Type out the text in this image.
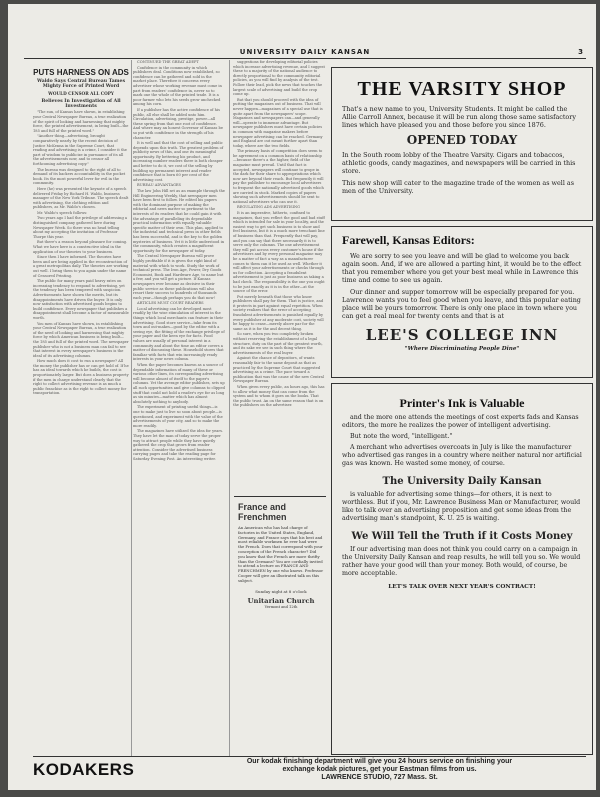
UNIVERSITY DAILY KANSAN	3
PUTS HARNESS ON ADS
Waldo Says Central Bureau Tames Mighty Force of Printed Word
WOULD CENSOR ALL COPY
Believes In Investigation of All Investments

"The sun, of Kansas have shown, in establishing your Central Newspaper Bureau, a true realization of the spirit of looking and harnessing that mighty force, the printed advertisement, in being built—the 185 and full of the printed word."

"Another thing—advertising, brought comparatively nearly by the recent decision of Justice McKenna in the Supreme Court, that reading and advertising is a crime, I consider it the part of wisdom to publicize in pursuance of its all the advertisements now, and to censor all forthcoming advertising copy."

The bureau was designed to the right of all to demand of its backers accountability in the pocket book. Its the most powerful lever for evil in the community.

Here (he) was presented the keynote of a speech delivered Friday by Richard H. Waldo, business manager of the New York Tribune. The speech dealt with advertising, the clothing edition and publishers, as Mr. Waldo's chosen.

Mr. Waldo's speech follows:

Two years ago I had the privilege of addressing a distinguished company gathered here during Newspaper Week. So there was no head telling about my accepting the invitation of Professor Thorpe this year.

But there's a reason beyond pleasure for coming. What we have here is a constructive ideal in the application of our theories to your business.

Since then I have informed. The theories have been and are being applied in the reconstruction of a great metropolitan daily. The theories are working out well. I bring them to you again under the name of Censored Printing.

The public for many years paid heavy rates on increasing tendency to respond to advertising, yet the tendency has been tempered with suspicion. Advertisements have shown the merits, but its disappointments have driven the buyer. It is only now satisfaction with advertised goods begins to build confidence. Every newspaper that publishes a disappointment shall become a factor of measurable worth.

You men of Kansas have shown, in establishing your Central Newspaper Bureau, a true realization of the need of looking and harnessing that mighty force by which American business is being built—the 185 and full of the printed word. The newspaper publisher who is not a business man can fail to see that interest in every newspaper's business is the ideal of its advertising columns.

How much does it cost to run a newspaper? All the money the publisher has or can get hold of. If he has an ideal towards which he builds, the cost is proportionately larger. But does a business property if the men in charge understand clearly that the right to collect advertising revenue is as much a public franchise as is the right to collect money for transportation.

CONTINUED THE GREAT ADEPT

Confidence in the community in which publishers deal. Conditions now established, so confidence can be gathered and sold in the market place. Therefore it concerns every advertiser whose working revenue must come in part from readers' confidence in, never so to mark one the whole of the printed trade. It is a poor farmer who lets his seeds grow unchecked among his corn.

If a publisher has the active confidence of his public, all else shall be added unto him. Circulation, advertising, prestige, power—all these spring from that one root of confidence. And where may an honest Governor of Kansas be so put with confidence in the strength of his character.

It is well and that the cost of selling and public depends upon this truth. The greatest problem of publicity news of this, and one its meaningful opportunity. By bettering his product, and increasing number readers there is both cheaper and better to do it, we cost of the selling by building up permanent interest and reader confidence that is born 60 per cent of the advertising cost.

BUREAU ADVANTAGES

The law John Hill set as an example through the Hill Engineering Weekly, that newspaper men have been first to follow. He edited his papers with the dominant purpose of making the editorial and news matter so pertinent to the interests of its readers that he could gain it with the advantage of paralleling its dependable practical information with equally valuable specific matter of their own. This plan, applied to the industrial and technical press in other fields has been successful, and is the key to the golden mysteries of business. Yet it is little understood in the community, which creates a magnificent opportunity for the newspaper of today.

The Central Newspaper Bureau will prove highly profitable if it is given the right kind of material with which to work. Study the work of technical press. The Iron Age, Power, Dry Goods Economist, Book and Hardware Age, to name but a few, and you will get a picture. If Kansas newspapers ever became as decisive in their public service as these publications will also resort their success to hundreds of thousands each year—though perhaps you do that now!

ARTICLES MUST COURT READERS

Local advertising can be developed most readily by the wise stimulation of interest in the things which local merchants can feature in their advertising. Good store service—take from its town and out-makes—good by the editor with a seeing eye, the fitting of the exchange privilege of your paper and the keen eye for facts. Food values are usually of personal interest in a community and about the time an editor covers a matter of discussing these. Household stores that familiar with facts that win increasingly ready interests in your news column.

When the paper becomes known as a source of dependable information of many of these or various other lines, its corresponding advertising will become almost of itself to the paper's columns. Yet the average editor publishes, sets up all such opportunities and give columns to clipped stuff that could not hold a reader's eye for as long as six minutes—matter which has almost absolutely nothing to anybody.

The experiment of printing useful things—is one to make just to live so soon about people—is questioned, and experiment with the value of the advertisements of your city, and so to make the more readily.

The magazines have utilized the idea for years. They have let the man of today serve the proper way to attract people while they have quietly gathered the crop that grows from reader attention. Consider the advertised business carrying pages and take the reading page for Saturday Evening Post. An interesting writer.

suggestions for developing editorial policies which increase advertising revenue, and I suggest these to a majority of the national audience to directly proportional to the community editorial policies, as you will find by analysis of the test. Follow their lead, pick the news that touches the largest scale of advertising and build the crop come up.

But that you should proceed with the idea of putting the magazines out of business. That will never happen—magazines of a special use that is quite apart from the newspapers' scope. Magazines and newspapers can—and generally will—operate to immense advantage. But newspaper publishers must have certain policies in common with magazine makers before newspaper advertising can be reached. Germany and England are out meant further apart than today, where are the two fields.

The primary basis of competition does seem to be agreement on a common basis of relationship—because there's a the higher, field of the magazine must prevail. Until that fact is accepted, newspapers will continue to grope in the dark for their share to appropriations which now are beyond their reach. But frequently it will pay the publisher to encourage local advertisers to frequent the nationally advertised goods which are carried in stock. Marked copies of papers showing such advertisements should be sent to national advertisers who can use it.

REGULATING ADS ADVERTISING

It is an imperative, hitherto, confined to magazines, that you reflect the good and bad stuff which is intended for sale in your locality, and the easiest way to get such business is to show and feel business, but it is a much more trenchant line of business than that. Frequently that will pay, and you can say that there necessarily it is to serve only the columns. The one advertisement they will put across every customer's house if the advertisers and by every personal magazine may be a matter of fact a way as a manufacturer comes to them can it be used as well. Whether it will affect your advertisements or checks through us for collection. Accepting a fraudulent advertisement is just as poor business as taking a bad check. The responsibility is the one you ought to be just exactly as it is in the other—at the source of the error.

Put merely beneath that those who know publishers shall pay for them. That is justice, and it protects in part against equal repetition. When society realizes that the error of accepting fraudulent advertisements is punished equally by every publisher at any moderate cost, society will be happy to cease—merely above par for the same as it is for the and decent thing.

So sure, when you two completely broken without reserving the establishment of a legal structure, duty on the part of the greatest worth, and its sake we see in such thing where the advertisements of the real buyer.

Against the chance of depositors, of wants reasonably fair to the same deposit as that as practiced by the Supreme Court that suggested advertising as a crime. The pace toward a publication that was the cause of the new Central Newspaper Bureau.

When given every public, an hours ago, this has to allow what money that can come from the system and to whom it goes on the books. That the public trust. An on the same reason that is on the publishers on the advertiser.

France and
Frenchmen
An American who has had charge of factories in the United States, England, Germany, and France says that his best and most reliable workmen he ever had were the French. Does that correspond with your conception of the French character? Did you know that the French are more thrifty than the Germans? You are cordially invited to attend a lecture on FRANCE AND FRENCHMEN by one who knows. Professor Cooper will give an illustrated talk on this subject.
Sunday night at 8 o'clock
Unitarian Church
Vermont and 12th
THE VARSITY SHOP
That's a new name to you, University Students. It might be called the Allie Carroll Annex, because it will be run along those same satisfactory lines which have pleased you and those before you since 1876.
OPENED TODAY
In the South room lobby of the Theatre Varsity. Cigars and tobaccos, athletic goods, candy magazines, and newspapers will be carried in this store.
This new shop will cater to the magazine trade of the women as well as men of the University.
Farewell, Kansas Editors:
We are sorry to see you leave and will be glad to welcome you back again soon. And, if we are allowed a parting hint, it would be to the effect that you remember where you get your best meal while in Lawrence this time and come to see us again.
Our dinner and supper tomorrow will be especially prepared for you. Lawrence wants you to feel good when you leave, and this popular eating place will be yours tomorrow. There is only one place in town where you can get a real meal for twenty cents and that is at
LEE'S COLLEGE INN
"Where Discriminating People Dine"
Printer's Ink is Valuable
and the more one attends the meetings of cost experts fads and Kansas editors, the more he realizes the power of intelligent advertising.
But note the word, "intelligent."
A merchant who advertises overcoats in July is like the manufacturer who advertised gas ranges in a country where neither natural nor artificial gas was known. He wasted some money, of course.
The University Daily Kansan
is valuable for advertising some things—for others, it is next to worthless. But if you, Mr. Lawrence Business Man or Manufacturer, would like to talk over an advertising proposition and get some ideas from the advertising man's standpoint, K. U. 25 is waiting.
We Will Tell the Truth if it Costs Money
If our advertising man does not think you could carry on a campaign in the University Daily Kansan and reap results, he will tell you so. We would rather have your good will than your money. Both would, of course, be more acceptable.
LET'S TALK OVER NEXT YEAR'S CONTRACT!
KODAKERS	Our kodak finishing department will give you 24 hours service on finishing your
exchange kodak pictures, get your Eastman films from us.
LAWRENCE STUDIO, 727 Mass. St.
